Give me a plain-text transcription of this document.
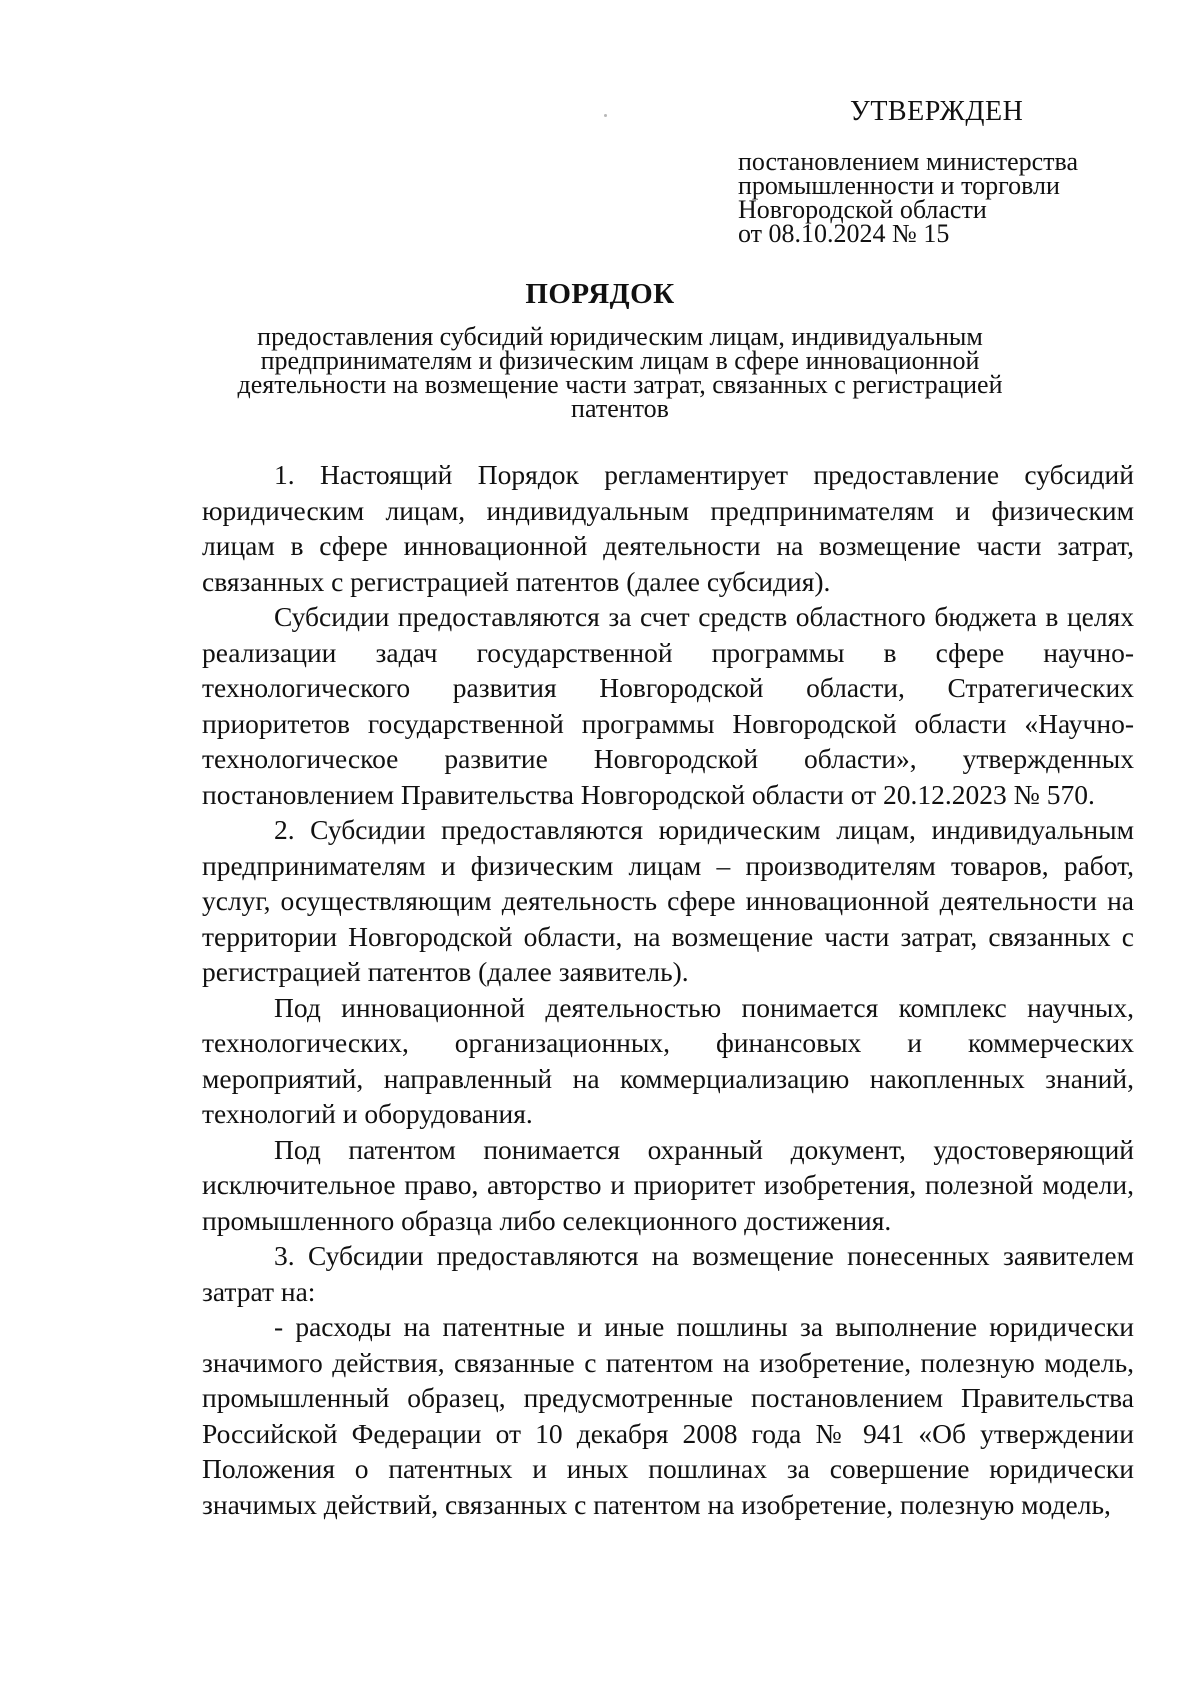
УТВЕРЖДЕН
постановлением министерства
промышленности и торговли
Новгородской области
от 08.10.2024 № 15
ПОРЯДОК
предоставления субсидий юридическим лицам, индивидуальным
предпринимателям и физическим лицам в сфере инновационной
деятельности на возмещение части затрат, связанных с регистрацией
патентов

1. Настоящий Порядок регламентирует предоставление субсидий юридическим лицам, индивидуальным предпринимателям и физическим лицам в сфере инновационной деятельности на возмещение части затрат, связанных с регистрацией патентов (далее субсидия).

Субсидии предоставляются за счет средств областного бюджета в целях реализации задач государственной программы в сфере научно-технологического развития Новгородской области, Стратегических приоритетов государственной программы Новгородской области «Научно-технологическое развитие Новгородской области», утвержденных постановлением Правительства Новгородской области от 20.12.2023 № 570.

2. Субсидии предоставляются юридическим лицам, индивидуальным предпринимателям и физическим лицам – производителям товаров, работ, услуг, осуществляющим деятельность сфере инновационной деятельности на территории Новгородской области, на возмещение части затрат, связанных с регистрацией патентов (далее заявитель).

Под инновационной деятельностью понимается комплекс научных, технологических, организационных, финансовых и коммерческих мероприятий, направленный на коммерциализацию накопленных знаний, технологий и оборудования.

Под патентом понимается охранный документ, удостоверяющий исключительное право, авторство и приоритет изобретения, полезной модели, промышленного образца либо селекционного достижения.

3. Субсидии предоставляются на возмещение понесенных заявителем затрат на:

- расходы на патентные и иные пошлины за выполнение юридически значимого действия, связанные с патентом на изобретение, полезную модель, промышленный образец, предусмотренные постановлением Правительства Российской Федерации от 10 декабря 2008 года № 941 «Об утверждении Положения о патентных и иных пошлинах за совершение юридически значимых действий, связанных с патентом на изобретение, полезную модель,
